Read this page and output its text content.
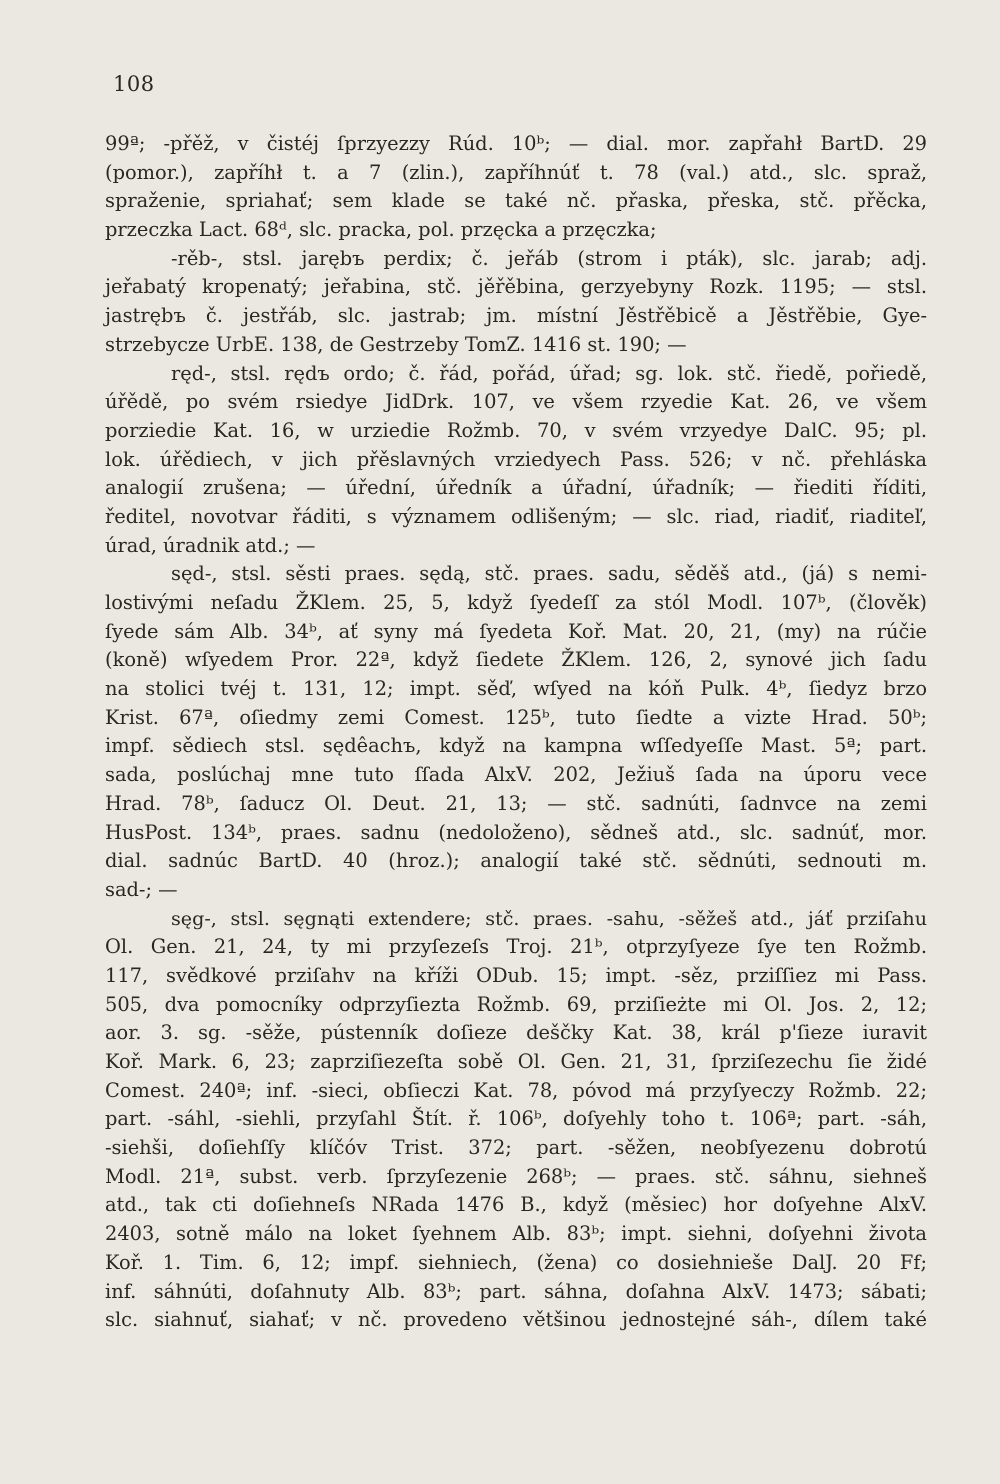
108
99ª; -přěž, v čistéj ſprzyezzy Rúd. 10ᵇ; — dial. mor. zapřahł BartD. 29
(pomor.), zapříhł t. a 7 (zlin.), zapříhnúť t. 78 (val.) atd., slc. spraž,
sprаženie, spriahať; sem klade se také nč. přaska, přeska, stč. přěcka,
przeczka Lact. 68ᵈ, slc. pracka, pol. przęcka a przęczka;
-rěb-, stsl. jarębъ perdix; č. jeřáb (strom i pták), slc. jarab; adj.
jeřabatý kropenatý; jeřabina, stč. jěřěbina, gerzyebyny Rozk. 1195; — stsl.
jastrębъ č. jestřáb, slc. jastrab; jm. místní Jěstřěbicě a Jěstřěbie, Gye-
strzebycze UrbE. 138, de Gestrzeby TomZ. 1416 st. 190; —
ręd-, stsl. rędъ ordo; č. řád, pořád, úřad; sg. lok. stč. řiedě, pořiedě,
úřědě, po svém rsiedye JidDrk. 107, ve všem rzyedie Kat. 26, ve všem
porziedie Kat. 16, w urziedie Rožmb. 70, v svém vrzyedye DalC. 95; pl.
lok. úřědiech, v jich přěslavných vrziedyech Pass. 526; v nč. přehláska
analogií zrušena; — úřední, úředník a úřadní, úřadník; — řiediti říditi,
ředitel, novotvar řáditi, s významem odlišeným; — slc. riad, riadiť, riaditeľ,
úrad, úradnik atd.; —
sęd-, stsl. sěsti praes. sędą, stč. praes. sadu, sěděš atd., (já) s nemi-
lostivými neſadu ŽKlem. 25, 5, když ſyedeſſ za stól Modl. 107ᵇ, (člověk)
ſyede sám Alb. 34ᵇ, ať syny má ſyedeta Koř. Mat. 20, 21, (my) na rúčie
(koně) wſyedem Pror. 22ª, když ſiedete ŽKlem. 126, 2, synové jich ſadu
na stolici tvéj t. 131, 12; impt. sěď, wſyed na kóň Pulk. 4ᵇ, ſiedyz brzo
Krist. 67ª, oſiedmy zemi Comest. 125ᵇ, tuto ſiedte a vizte Hrad. 50ᵇ;
impf. sědiech stsl. sędêachъ, když na kampna wſſedyeſſe Mast. 5ª; part.
sada, poslúchaj mne tuto ſſada AlxV. 202, Ježiuš ſada na úporu vece
Hrad. 78ᵇ, ſaducz Ol. Deut. 21, 13; — stč. sadnúti, ſadnvce na zemi
HusPost. 134ᵇ, praes. sadnu (nedoloženo), sědneš atd., slc. sadnúť, mor.
dial. sadnúc BartD. 40 (hroz.); analogií také stč. sědnúti, sednouti m.
sad-; —
sęg-, stsl. sęgnąti extendere; stč. praes. -sahu, -sěžeš atd., jáť prziſahu
Ol. Gen. 21, 24, ty mi przyſezeſs Troj. 21ᵇ, otprzyſyeze ſye ten Rožmb.
117, svědkové prziſahv na kříži ODub. 15; impt. -sěz, prziſſiez mi Pass.
505, dva pomocníky odprzyſiezta Rožmb. 69, prziſieżte mi Ol. Jos. 2, 12;
aor. 3. sg. -sěže, pústenník doſieze deščky Kat. 38, král p'ſieze iuravit
Koř. Mark. 6, 23; zaprziſiezeſta sobě Ol. Gen. 21, 31, ſprziſezechu ſie židé
Comest. 240ª; inf. -sieci, obſieczi Kat. 78, póvod má przyſyeczy Rožmb. 22;
part. -sáhl, -siehli, przyſahl Štít. ř. 106ᵇ, doſyehly toho t. 106ª; part. -sáh,
-siehši, doſiehſſy klíčóv Trist. 372; part. -sěžen, neobſyezenu dobrotú
Modl. 21ª, subst. verb. ſprzyſezenie 268ᵇ; — praes. stč. sáhnu, siehneš
atd., tak cti doſiehneſs NRada 1476 B., když (měsiec) hor doſyehne AlxV.
2403, sotně málo na loket ſyehnem Alb. 83ᵇ; impt. siehni, doſyehni života
Koř. 1. Tim. 6, 12; impf. siehniech, (žena) co dosiehnieše DalJ. 20 Ff;
inf. sáhnúti, doſahnuty Alb. 83ᵇ; part. sáhna, doſahna AlxV. 1473; sábati;
slc. siahnuť, siahať; v nč. provedeno většinou jednostejné sáh-, dílem také
